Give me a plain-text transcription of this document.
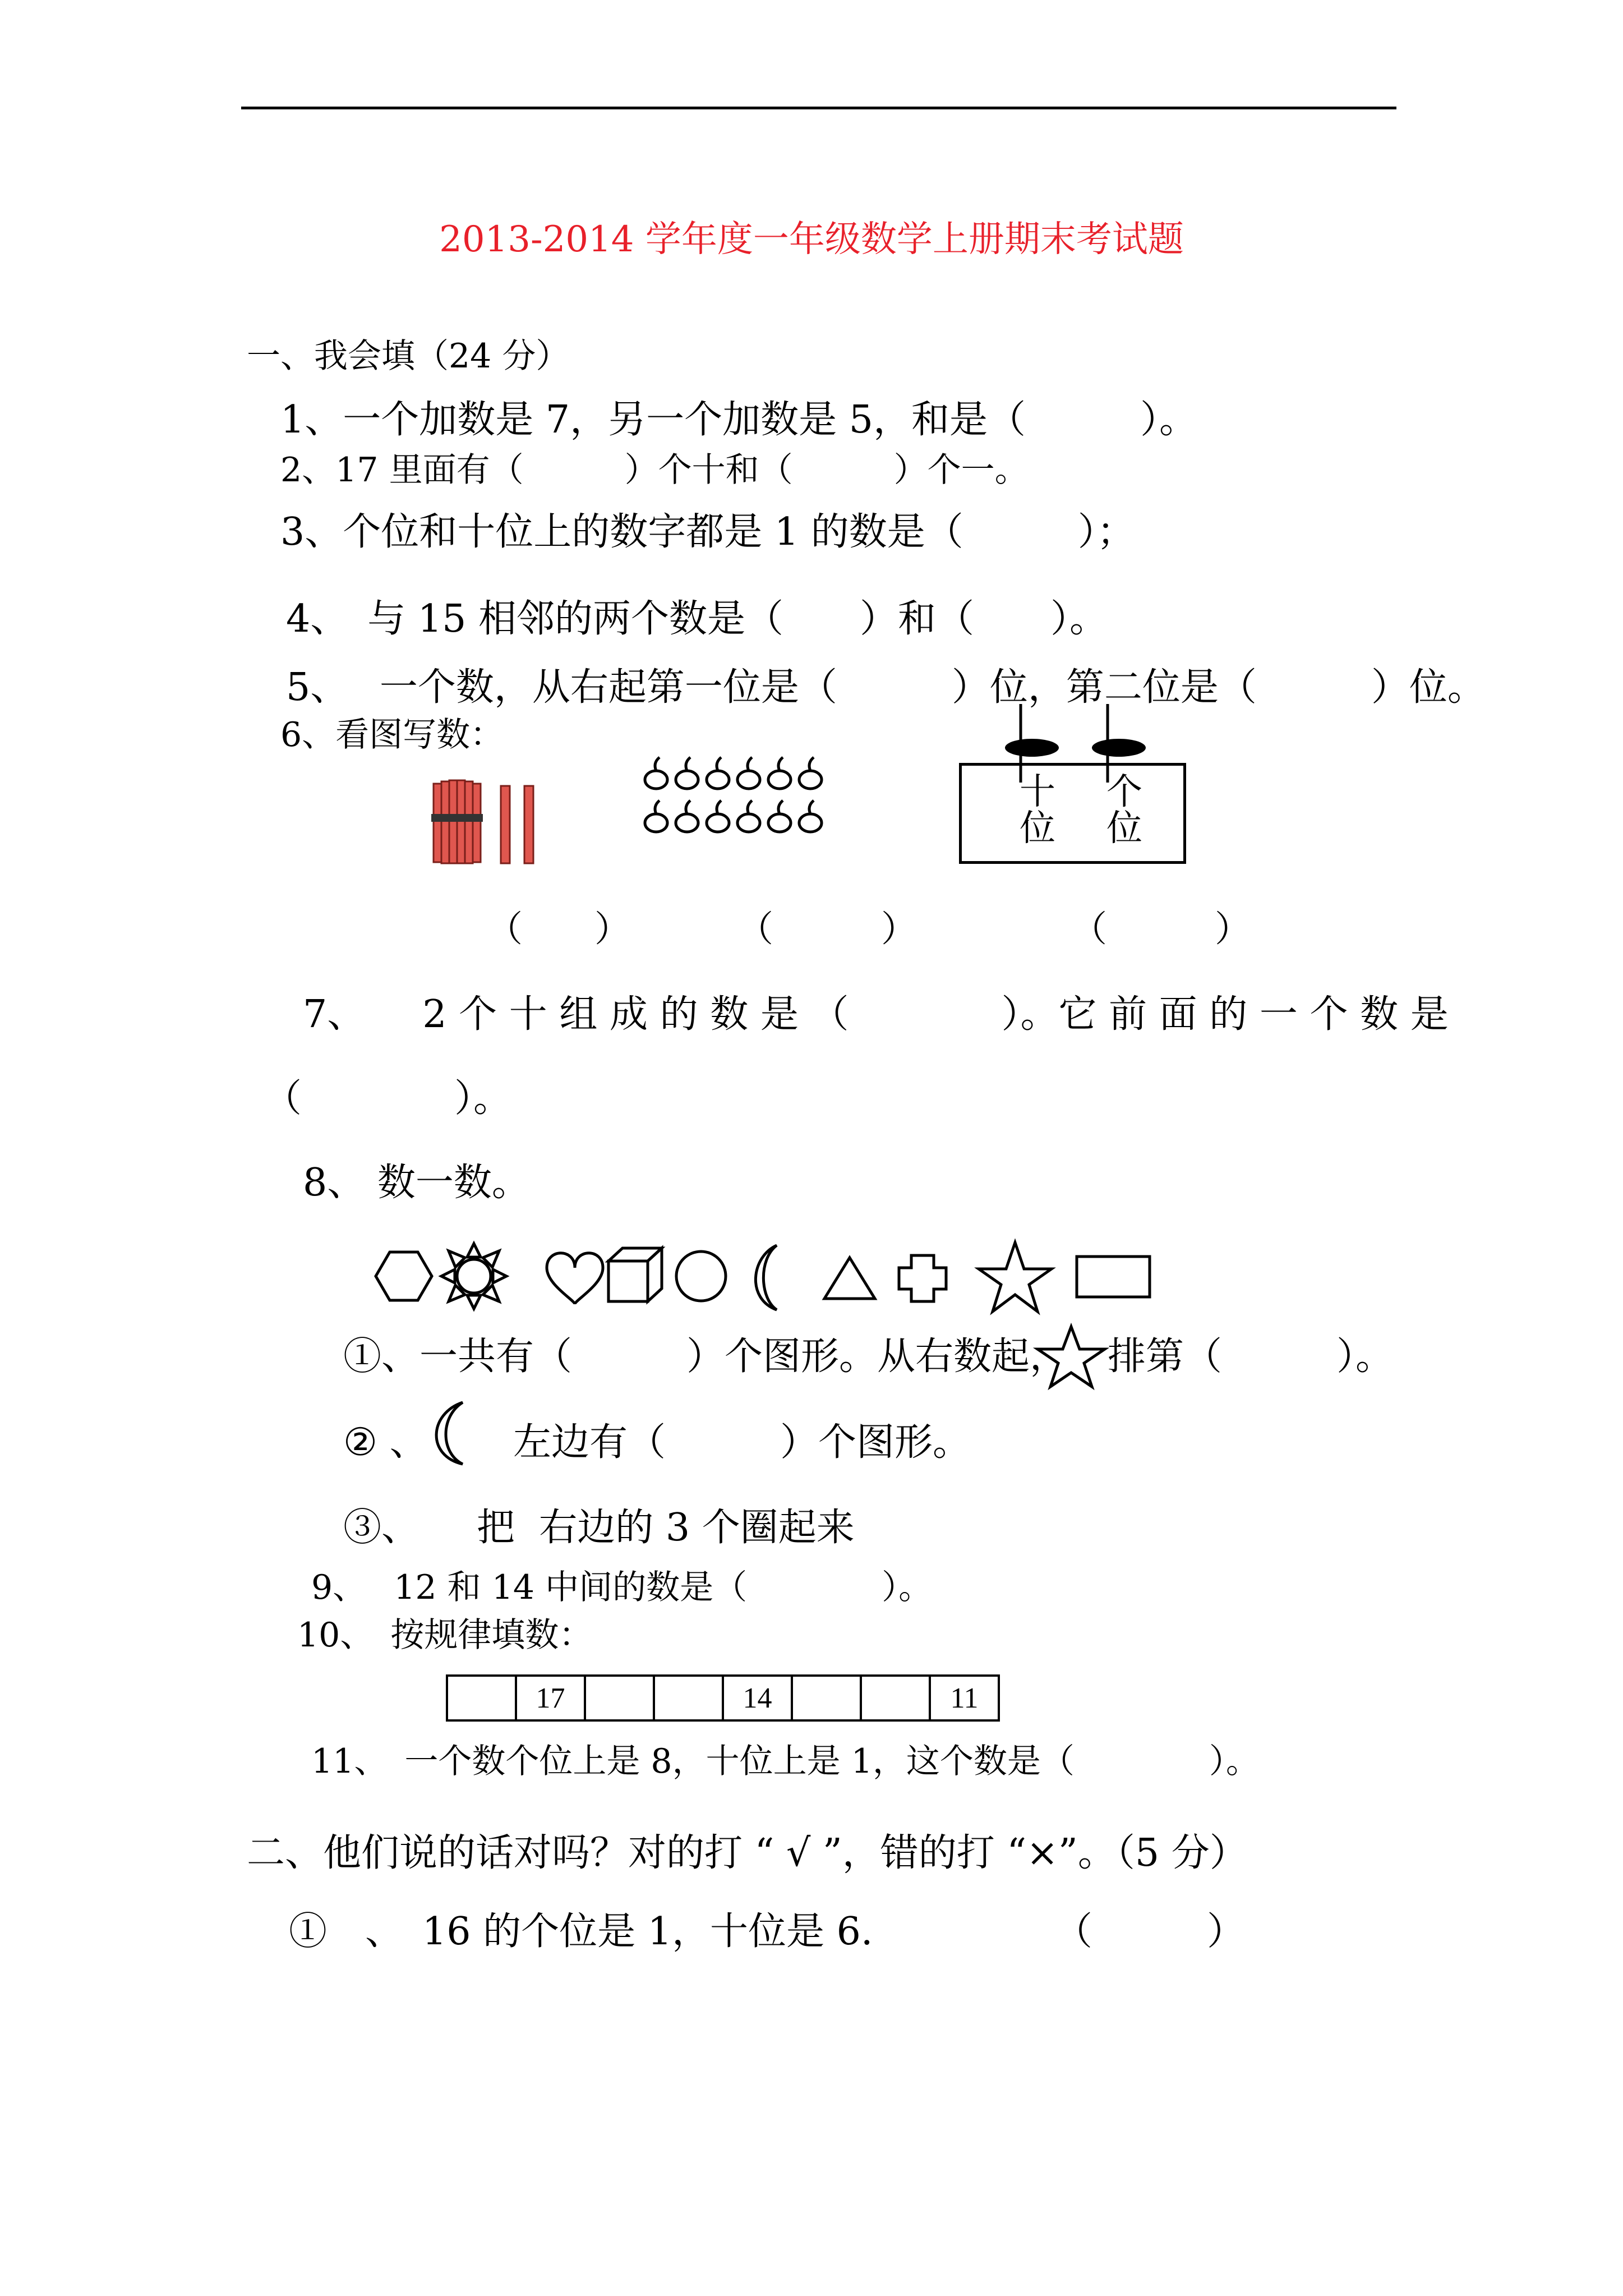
2013-2014 学年度一年级数学上册期末考试题
一、我会填（24 分）
1、一个加数是 7，另一个加数是 5，和是（　　　）。
2、17 里面有（　　　）个十和（　　　）个一。
3、个位和十位上的数字都是 1 的数是（　　　）；
4、　与 15 相邻的两个数是（　　）和（　　）。
5、　 一个数，从右起第一位是（　　　）位，第二位是（　　　）位。
6、看图写数：
十
位
个
位
（　　）	（　　　）	（　　　）
7、　　2 个 十 组 成 的 数 是 （　　　　）。它 前 面 的 一 个 数 是
（　　　　）。
8、 数一数。
①、一共有（　　　）个图形。从右数起， 排第（　　　）。
② 、 左边有（　　　）个图形。
③、　　把  右边的 3 个圈起来
9、　 12 和 14 中间的数是（　　　　）。
10、　按规律填数：
	17			14			11
11、　一个数个位上是 8，十位上是 1，这个数是（　　　　）。
二、他们说的话对吗？对的打 “ √ ”，错的打 “×”。（5 分）
①　、　16 的个位是 1，十位是 6.	（　　　）
